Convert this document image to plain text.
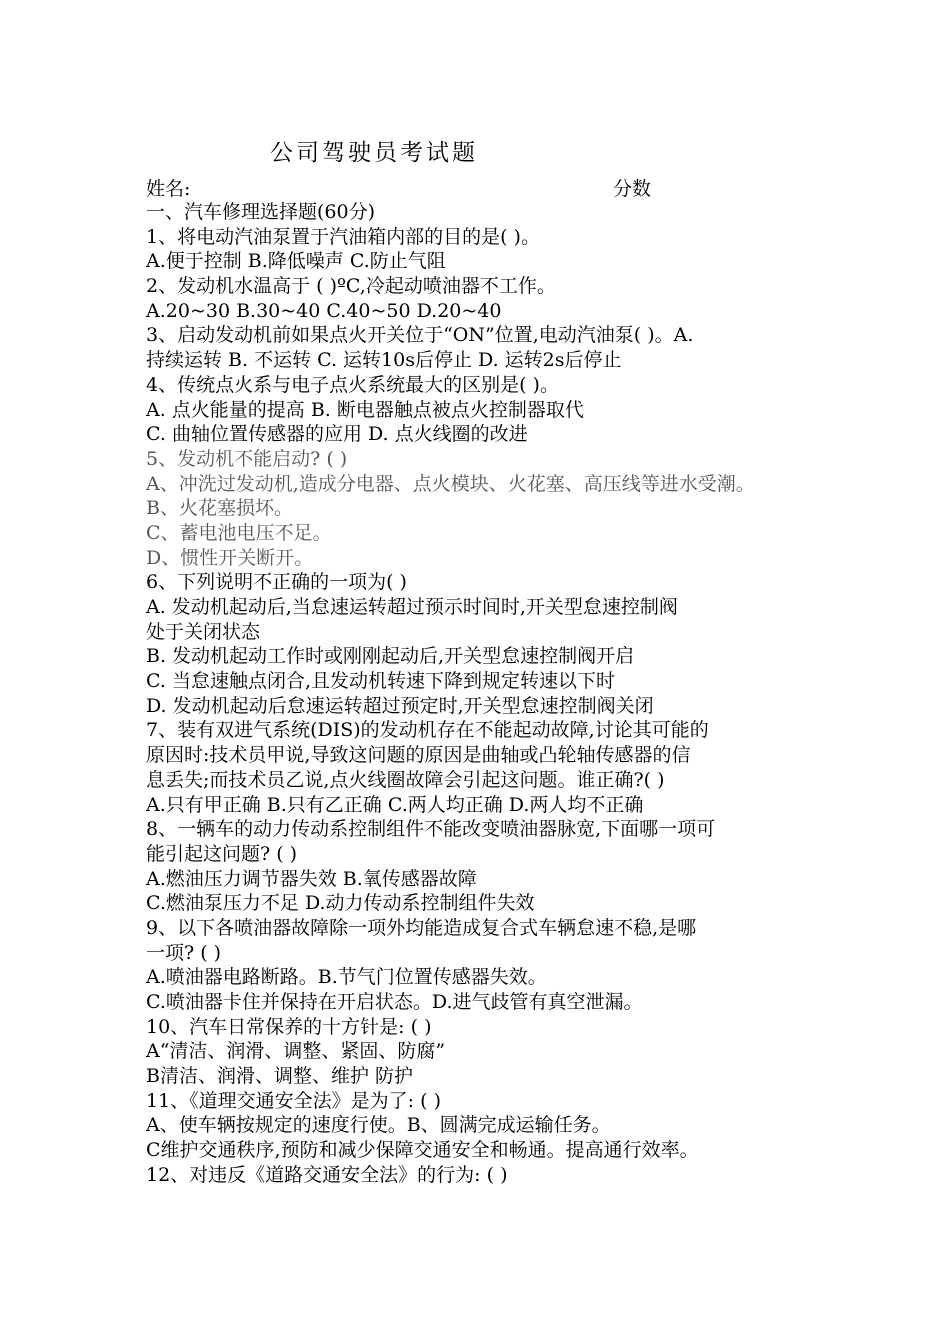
公司驾驶员考试题
姓名:	分数
一、汽车修理选择题(60分)
1、将电动汽油泵置于汽油箱内部的目的是( )。
A.便于控制 B.降低噪声 C.防止气阻
2、发动机水温高于 ( )ºC,冷起动喷油器不工作。
A.20~30 B.30~40 C.40~50 D.20~40
3、启动发动机前如果点火开关位于“ON”位置,电动汽油泵( )。A.
持续运转 B. 不运转 C. 运转10s后停止 D. 运转2s后停止
4、传统点火系与电子点火系统最大的区别是( )。
A. 点火能量的提高 B. 断电器触点被点火控制器取代
C. 曲轴位置传感器的应用 D. 点火线圈的改进
5、发动机不能启动? ( )
A、冲洗过发动机,造成分电器、点火模块、火花塞、高压线等进水受潮。
B、火花塞损坏。
C、蓄电池电压不足。
D、惯性开关断开。
6、下列说明不正确的一项为( )
A. 发动机起动后,当怠速运转超过预示时间时,开关型怠速控制阀
处于关闭状态
B. 发动机起动工作时或刚刚起动后,开关型怠速控制阀开启
C. 当怠速触点闭合,且发动机转速下降到规定转速以下时
D. 发动机起动后怠速运转超过预定时,开关型怠速控制阀关闭
7、装有双进气系统(DIS)的发动机存在不能起动故障,讨论其可能的
原因时:技术员甲说,导致这问题的原因是曲轴或凸轮轴传感器的信
息丢失;而技术员乙说,点火线圈故障会引起这问题。谁正确?( )
A.只有甲正确 B.只有乙正确 C.两人均正确 D.两人均不正确
8、一辆车的动力传动系控制组件不能改变喷油器脉宽,下面哪一项可
能引起这问题? ( )
A.燃油压力调节器失效 B.氧传感器故障
C.燃油泵压力不足 D.动力传动系控制组件失效
9、以下各喷油器故障除一项外均能造成复合式车辆怠速不稳,是哪
一项? ( )
A.喷油器电路断路。B.节气门位置传感器失效。
C.喷油器卡住并保持在开启状态。D.进气歧管有真空泄漏。
10、汽车日常保养的十方针是: ( )
A“清洁、润滑、调整、紧固、防腐”
B清洁、润滑、调整、维护 防护
11、《道理交通安全法》是为了: ( )
A、使车辆按规定的速度行使。B、圆满完成运输任务。
C维护交通秩序,预防和减少保障交通安全和畅通。提高通行效率。
12、对违反《道路交通安全法》的行为: ( )
